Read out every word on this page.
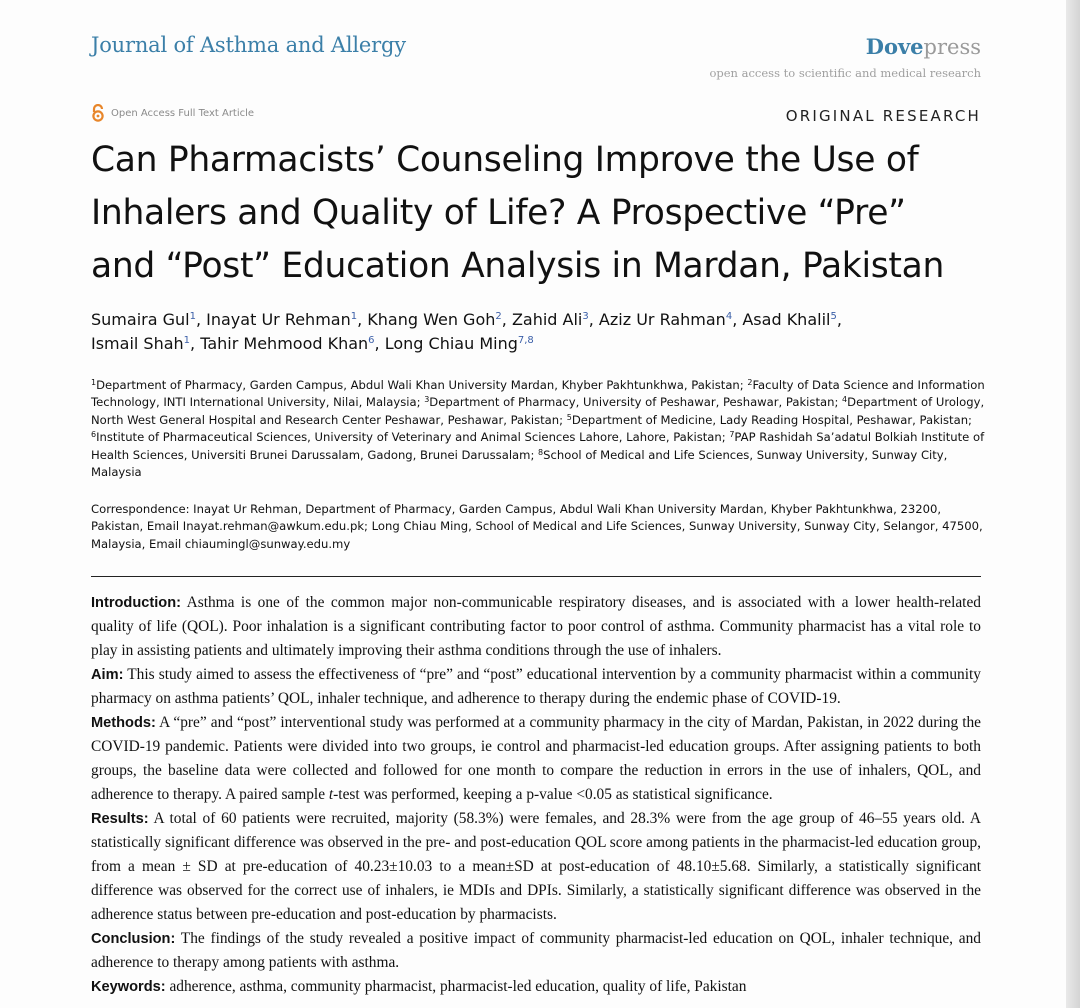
Journal of Asthma and Allergy	Dovepress
open access to scientific and medical research
Open Access Full Text Article	ORIGINAL RESEARCH
Can Pharmacists’ Counseling Improve the Use of
Inhalers and Quality of Life? A Prospective “Pre”
and “Post” Education Analysis in Mardan, Pakistan
Sumaira Gul$^1$, Inayat Ur Rehman$^1$, Khang Wen Goh$^2$, Zahid Ali$^3$, Aziz Ur Rahman$^4$, Asad Khalil$^5$,
Ismail Shah$^1$, Tahir Mehmood Khan$^6$, Long Chiau Ming$^{7,8}$
$^1$Department of Pharmacy, Garden Campus, Abdul Wali Khan University Mardan, Khyber Pakhtunkhwa, Pakistan; $^2$Faculty of Data Science and Information Technology, INTI International University, Nilai, Malaysia; $^3$Department of Pharmacy, University of Peshawar, Peshawar, Pakistan; $^4$Department of Urology, North West General Hospital and Research Center Peshawar, Peshawar, Pakistan; $^5$Department of Medicine, Lady Reading Hospital, Peshawar, Pakistan; $^6$Institute of Pharmaceutical Sciences, University of Veterinary and Animal Sciences Lahore, Lahore, Pakistan; $^7$PAP Rashidah Sa’adatul Bolkiah Institute of Health Sciences, Universiti Brunei Darussalam, Gadong, Brunei Darussalam; $^8$School of Medical and Life Sciences, Sunway University, Sunway City, Malaysia
Correspondence: Inayat Ur Rehman, Department of Pharmacy, Garden Campus, Abdul Wali Khan University Mardan, Khyber Pakhtunkhwa, 23200, Pakistan, Email Inayat.rehman@awkum.edu.pk; Long Chiau Ming, School of Medical and Life Sciences, Sunway University, Sunway City, Selangor, 47500, Malaysia, Email chiaumingl@sunway.edu.my

Introduction: Asthma is one of the common major non-communicable respiratory diseases, and is associated with a lower health-related quality of life (QOL). Poor inhalation is a significant contributing factor to poor control of asthma. Community pharmacist has a vital role to play in assisting patients and ultimately improving their asthma conditions through the use of inhalers.

Aim: This study aimed to assess the effectiveness of “pre” and “post” educational intervention by a community pharmacist within a community pharmacy on asthma patients’ QOL, inhaler technique, and adherence to therapy during the endemic phase of COVID-19.

Methods: A “pre” and “post” interventional study was performed at a community pharmacy in the city of Mardan, Pakistan, in 2022 during the COVID-19 pandemic. Patients were divided into two groups, ie control and pharmacist-led education groups. After assigning patients to both groups, the baseline data were collected and followed for one month to compare the reduction in errors in the use of inhalers, QOL, and adherence to therapy. A paired sample t-test was performed, keeping a p-value <0.05 as statistical significance.

Results: A total of 60 patients were recruited, majority (58.3%) were females, and 28.3% were from the age group of 46–55 years old. A statistically significant difference was observed in the pre- and post-education QOL score among patients in the pharmacist-led education group, from a mean ± SD at pre-education of 40.23±10.03 to a mean±SD at post-education of 48.10±5.68. Similarly, a statistically significant difference was observed for the correct use of inhalers, ie MDIs and DPIs. Similarly, a statistically significant difference was observed in the adherence status between pre-education and post-education by pharmacists.

Conclusion: The findings of the study revealed a positive impact of community pharmacist-led education on QOL, inhaler technique, and adherence to therapy among patients with asthma.

Keywords: adherence, asthma, community pharmacist, pharmacist-led education, quality of life, Pakistan
